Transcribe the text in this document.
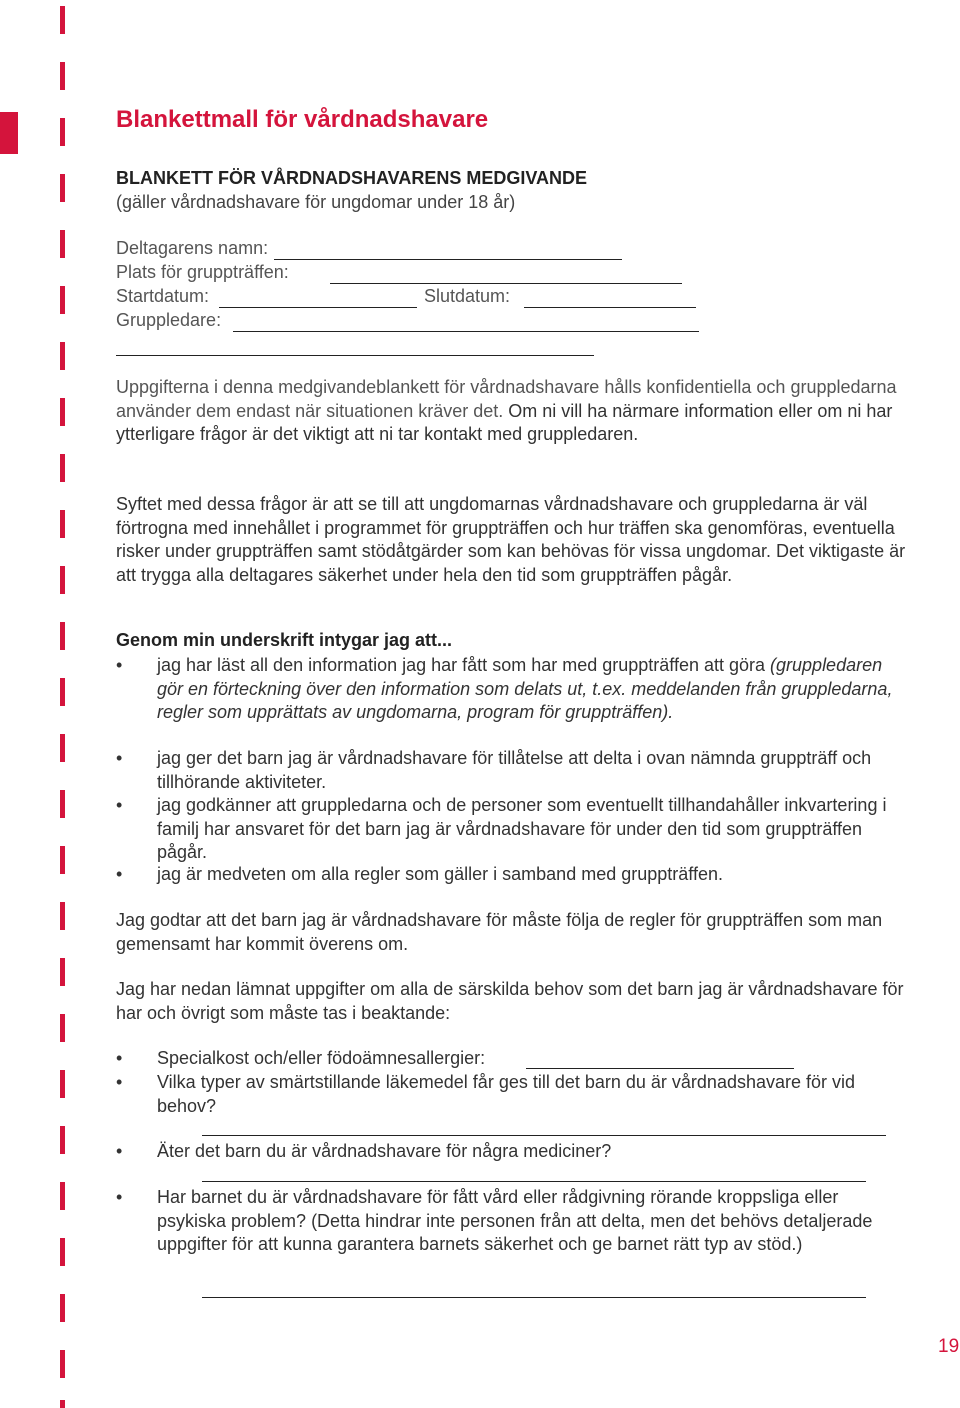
Blankettmall för vårdnadshavare
BLANKETT FÖR VÅRDNADSHAVARENS MEDGIVANDE
(gäller vårdnadshavare för ungdomar under 18 år)
Deltagarens namn:
Plats för gruppträffen:
Startdatum:	Slutdatum:
Gruppledare:
Uppgifterna i denna medgivandeblankett för vårdnadshavare hålls konfidentiella och gruppledarna använder dem endast när situationen kräver det. Om ni vill ha närmare information eller om ni har ytterligare frågor är det viktigt att ni tar kontakt med gruppledaren.
Syftet med dessa frågor är att se till att ungdomarnas vårdnadshavare och gruppledarna är väl förtrogna med innehållet i programmet för gruppträffen och hur träffen ska genomföras, eventuella risker under gruppträffen samt stödåtgärder som kan behövas för vissa ungdomar. Det viktigaste är att trygga alla deltagares säkerhet under hela den tid som gruppträffen pågår.
Genom min underskrift intygar jag att...
• jag har läst all den information jag har fått som har med gruppträffen att göra (gruppledaren gör en förteckning över den information som delats ut, t.ex. meddelanden från gruppledarna, regler som upprättats av ungdomarna, program för gruppträffen).
• jag ger det barn jag är vårdnadshavare för tillåtelse att delta i ovan nämnda gruppträff och tillhörande aktiviteter.
• jag godkänner att gruppledarna och de personer som eventuellt tillhandahåller inkvartering i familj har ansvaret för det barn jag är vårdnadshavare för under den tid som gruppträffen pågår.
• jag är medveten om alla regler som gäller i samband med gruppträffen.
Jag godtar att det barn jag är vårdnadshavare för måste följa de regler för gruppträffen som man gemensamt har kommit överens om.
Jag har nedan lämnat uppgifter om alla de särskilda behov som det barn jag är vårdnadshavare för har och övrigt som måste tas i beaktande:
• Specialkost och/eller födoämnesallergier:
• Vilka typer av smärtstillande läkemedel får ges till det barn du är vårdnadshavare för vid behov?
• Äter det barn du är vårdnadshavare för några mediciner?
• Har barnet du är vårdnadshavare för fått vård eller rådgivning rörande kroppsliga eller psykiska problem? (Detta hindrar inte personen från att delta, men det behövs detaljerade uppgifter för att kunna garantera barnets säkerhet och ge barnet rätt typ av stöd.)
19
